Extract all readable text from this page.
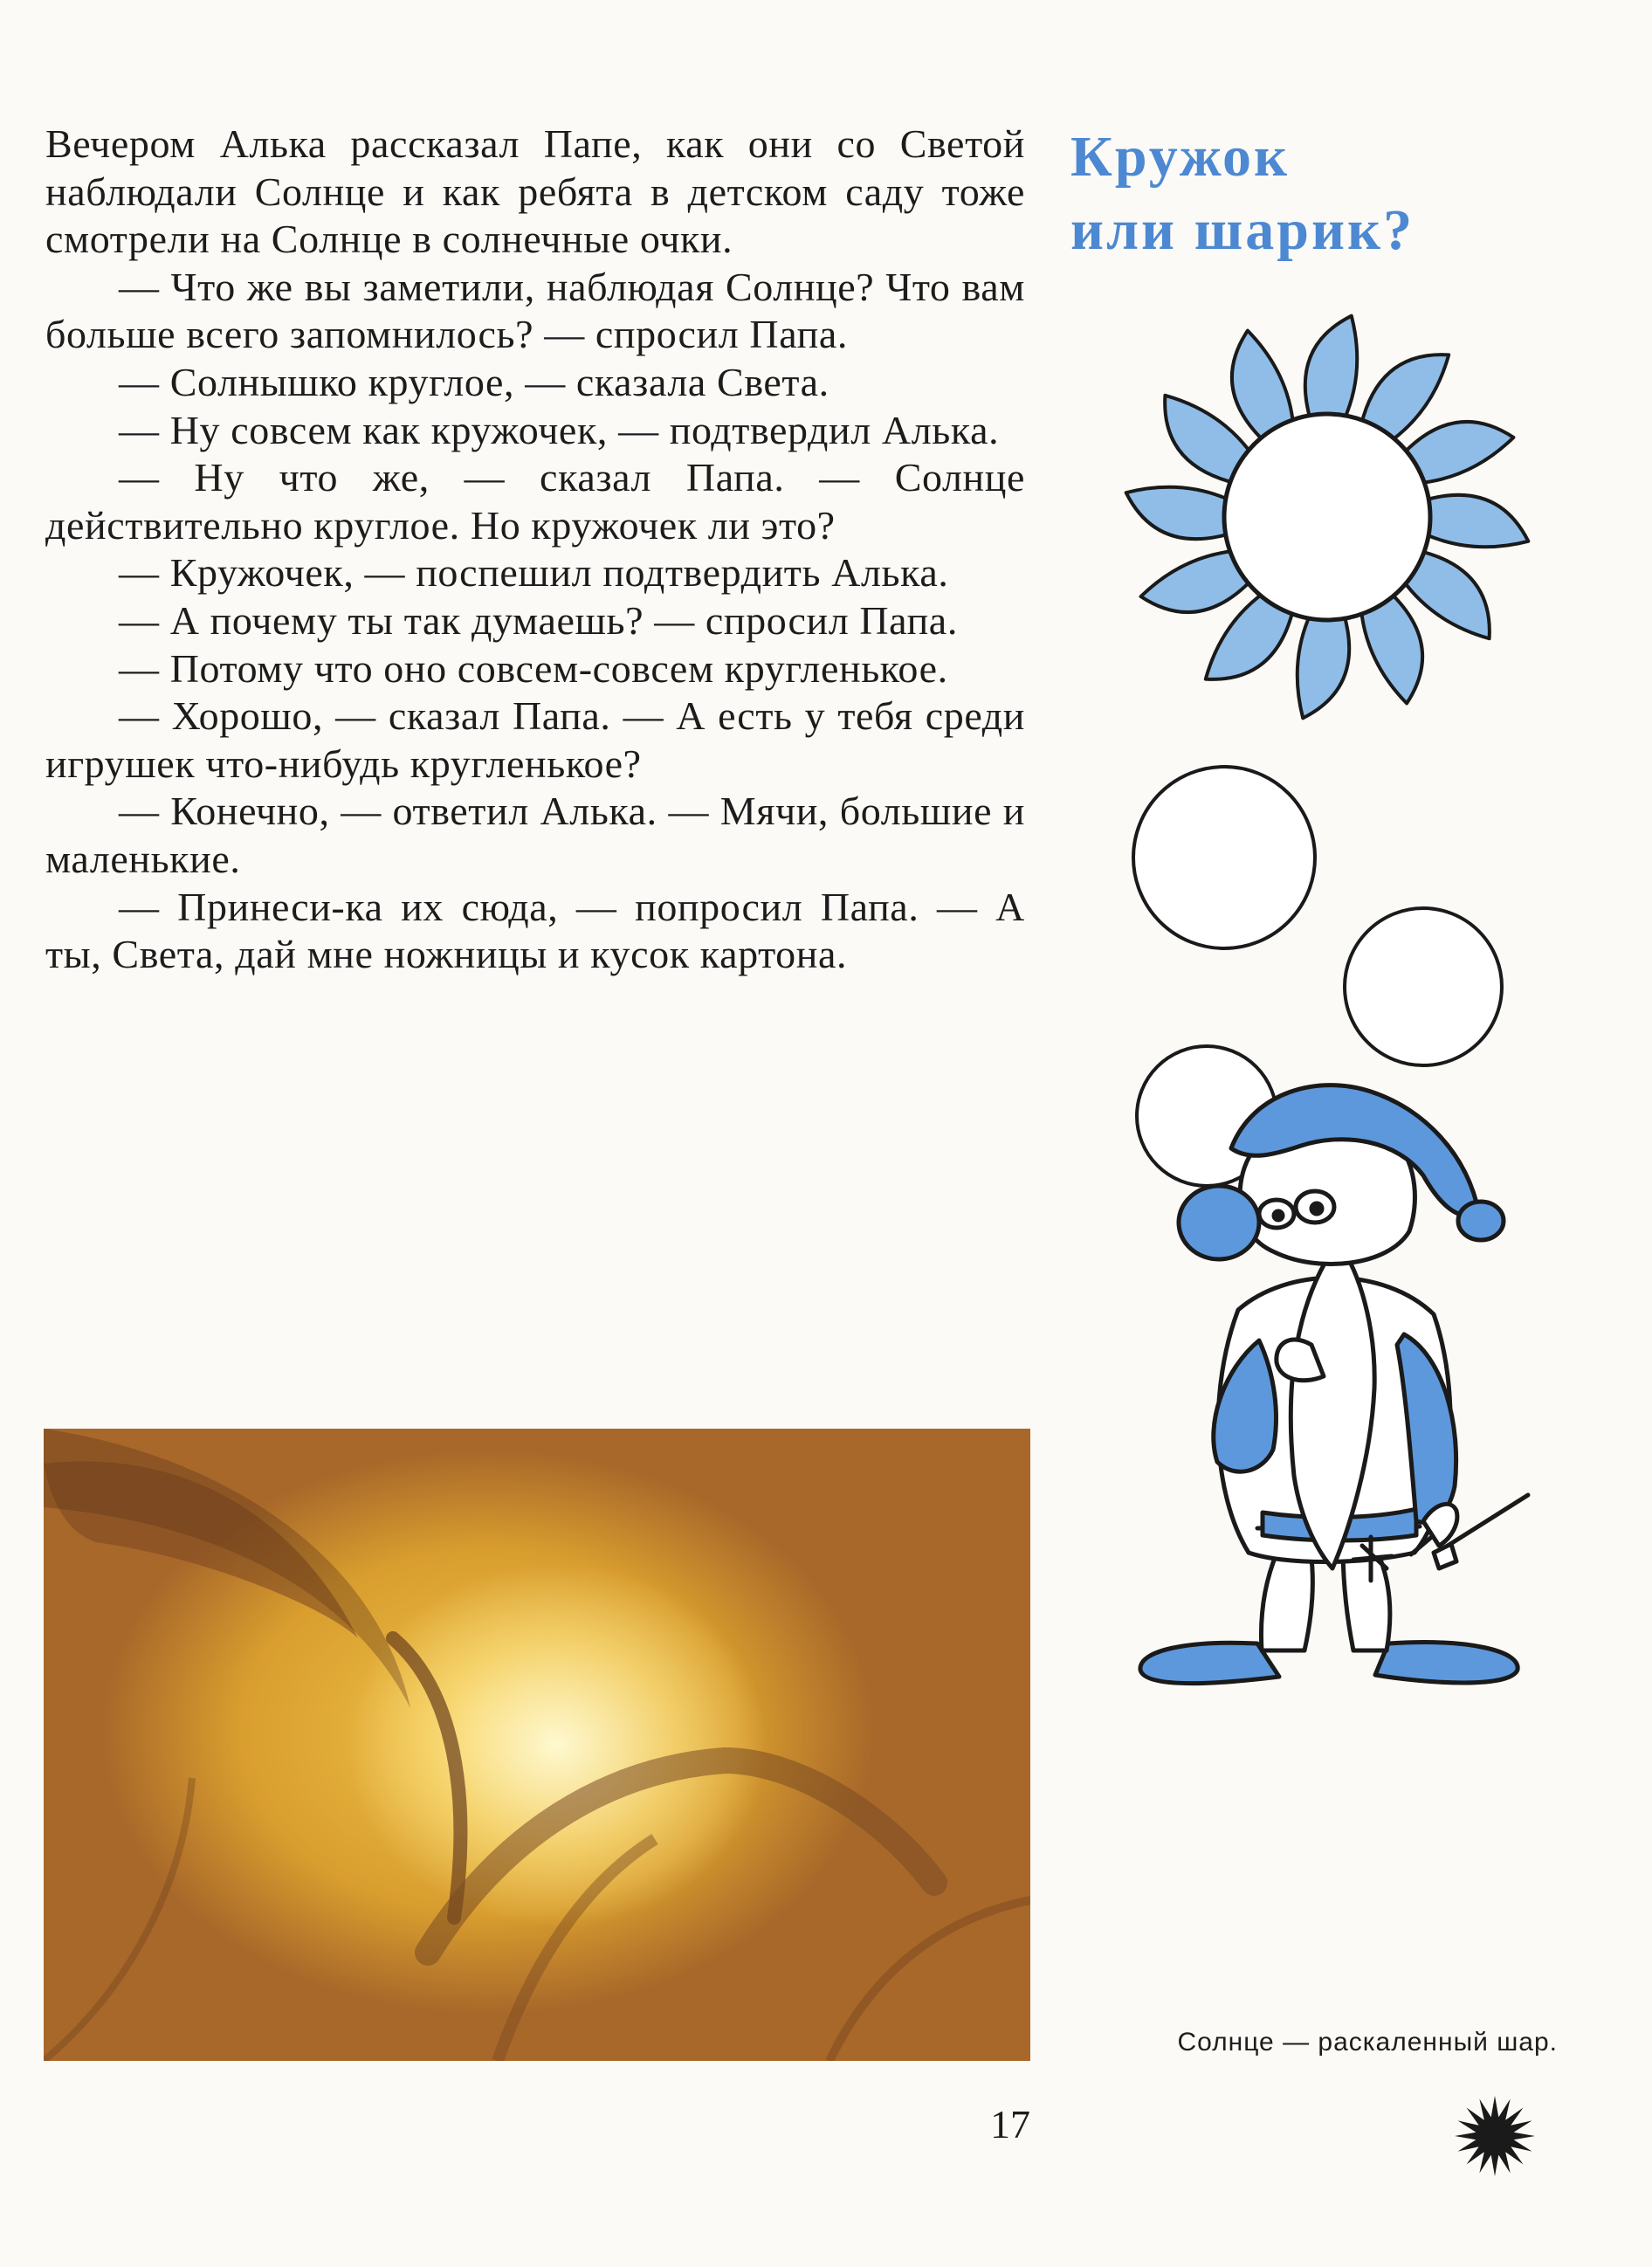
Вечером Алька рассказал Папе, как они со Светой наблюдали Солнце и как ребята в детском саду тоже смотрели на Солнце в солнечные очки.

— Что же вы заметили, наблюдая Солнце? Что вам больше всего запомнилось? — спросил Папа.

— Солнышко круглое, — сказала Света.

— Ну совсем как кружочек, — подтвердил Алька.

— Ну что же, — сказал Папа. — Солнце действительно круглое. Но кружочек ли это?

— Кружочек, — поспешил подтвердить Алька.

— А почему ты так думаешь? — спросил Папа.

— Потому что оно совсем-совсем кругленькое.

— Хорошо, — сказал Папа. — А есть у тебя среди игрушек что-нибудь кругленькое?

— Конечно, — ответил Алька. — Мячи, большие и маленькие.

— Принеси-ка их сюда, — попросил Папа. — А ты, Света, дай мне ножницы и кусок картона.

Кружок
или шарик?
Солнце — раскаленный шар.
17
